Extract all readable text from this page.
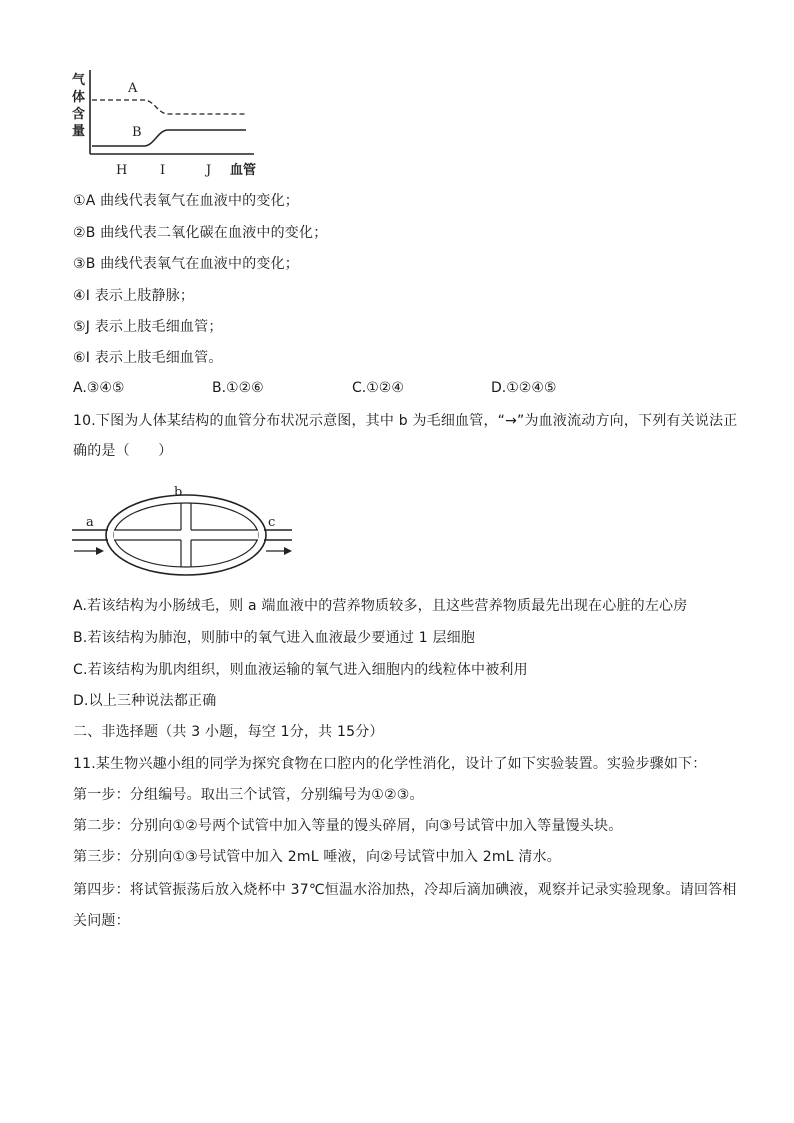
气
体
含
量
A
B
H	I	J 血管
①A 曲线代表氧气在血液中的变化；
②B 曲线代表二氧化碳在血液中的变化；
③B 曲线代表氧气在血液中的变化；
④I 表示上肢静脉；
⑤J 表示上肢毛细血管；
⑥I 表示上肢毛细血管。
A.③④⑤	B.①②⑥	C.①②④	D.①②④⑤
10.下图为人体某结构的血管分布状况示意图，其中 b 为毛细血管，“→”为血液流动方向，下列有关说法正
确的是（　　）
a
b
c
A.若该结构为小肠绒毛，则 a 端血液中的营养物质较多，且这些营养物质最先出现在心脏的左心房
B.若该结构为肺泡，则肺中的氧气进入血液最少要通过 1 层细胞
C.若该结构为肌肉组织，则血液运输的氧气进入细胞内的线粒体中被利用
D.以上三种说法都正确
二、非选择题（共 3 小题，每空 1分，共 15分）
11.某生物兴趣小组的同学为探究食物在口腔内的化学性消化，设计了如下实验装置。实验步骤如下：
第一步：分组编号。取出三个试管，分别编号为①②③。
第二步：分别向①②号两个试管中加入等量的馒头碎屑，向③号试管中加入等量馒头块。
第三步：分别向①③号试管中加入 2mL 唾液，向②号试管中加入 2mL 清水。
第四步：将试管振荡后放入烧杯中 37℃恒温水浴加热，冷却后滴加碘液，观察并记录实验现象。请回答相
关问题：
